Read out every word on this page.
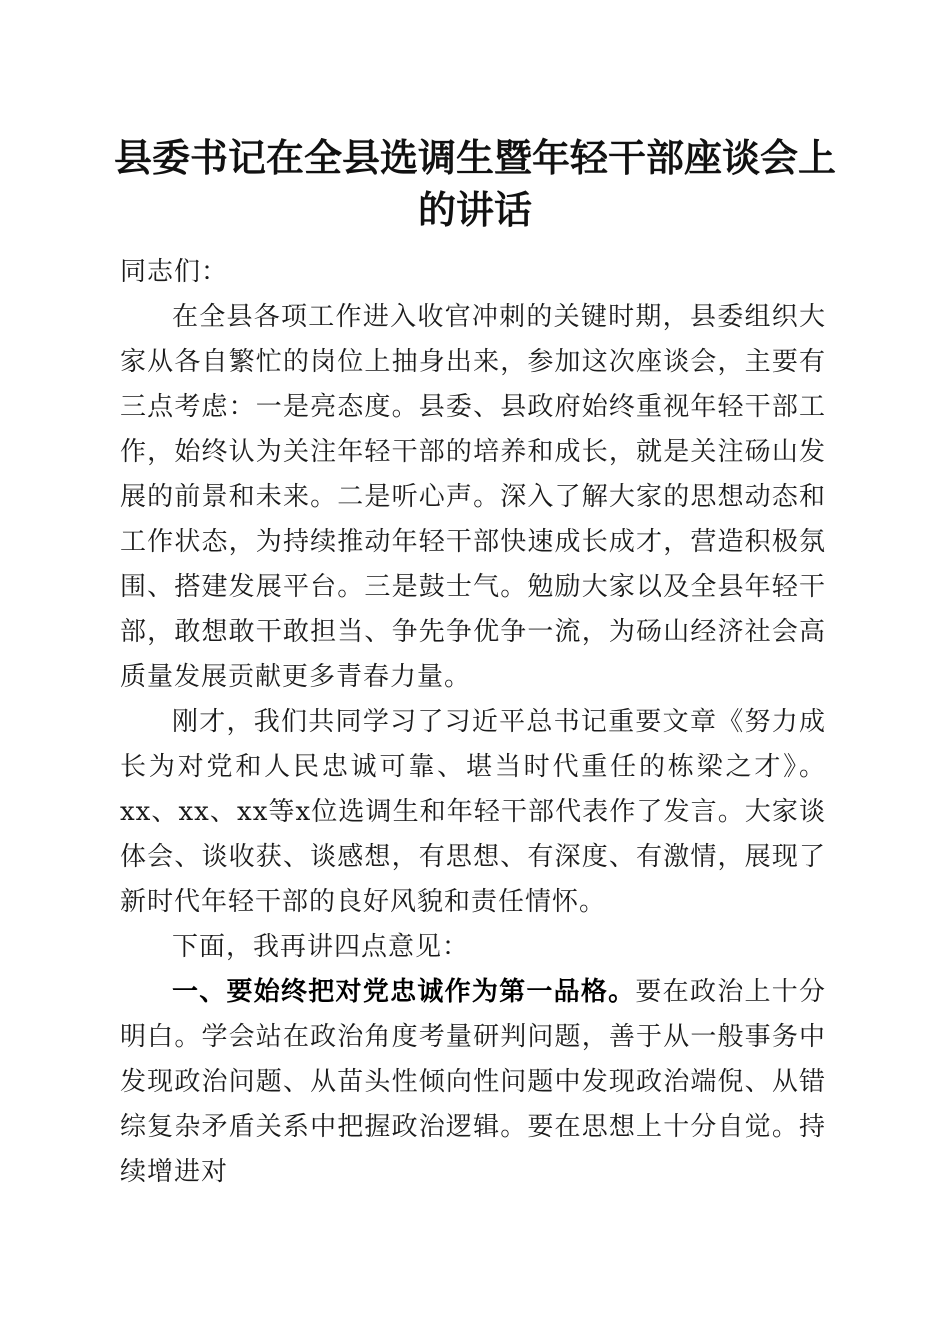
县委书记在全县选调生暨年轻干部座谈会上的讲话

同志们：

在全县各项工作进入收官冲刺的关键时期，县委组织大家从各自繁忙的岗位上抽身出来，参加这次座谈会，主要有三点考虑：一是亮态度。县委、县政府始终重视年轻干部工作，始终认为关注年轻干部的培养和成长，就是关注砀山发展的前景和未来。二是听心声。深入了解大家的思想动态和工作状态，为持续推动年轻干部快速成长成才，营造积极氛围、搭建发展平台。三是鼓士气。勉励大家以及全县年轻干部，敢想敢干敢担当、争先争优争一流，为砀山经济社会高质量发展贡献更多青春力量。

刚才，我们共同学习了习近平总书记重要文章《努力成长为对党和人民忠诚可靠、堪当时代重任的栋梁之才》。xx、xx、xx等x位选调生和年轻干部代表作了发言。大家谈体会、谈收获、谈感想，有思想、有深度、有激情，展现了新时代年轻干部的良好风貌和责任情怀。

下面，我再讲四点意见：

一、要始终把对党忠诚作为第一品格。要在政治上十分明白。学会站在政治角度考量研判问题，善于从一般事务中发现政治问题、从苗头性倾向性问题中发现政治端倪、从错综复杂矛盾关系中把握政治逻辑。要在思想上十分自觉。持续增进对
